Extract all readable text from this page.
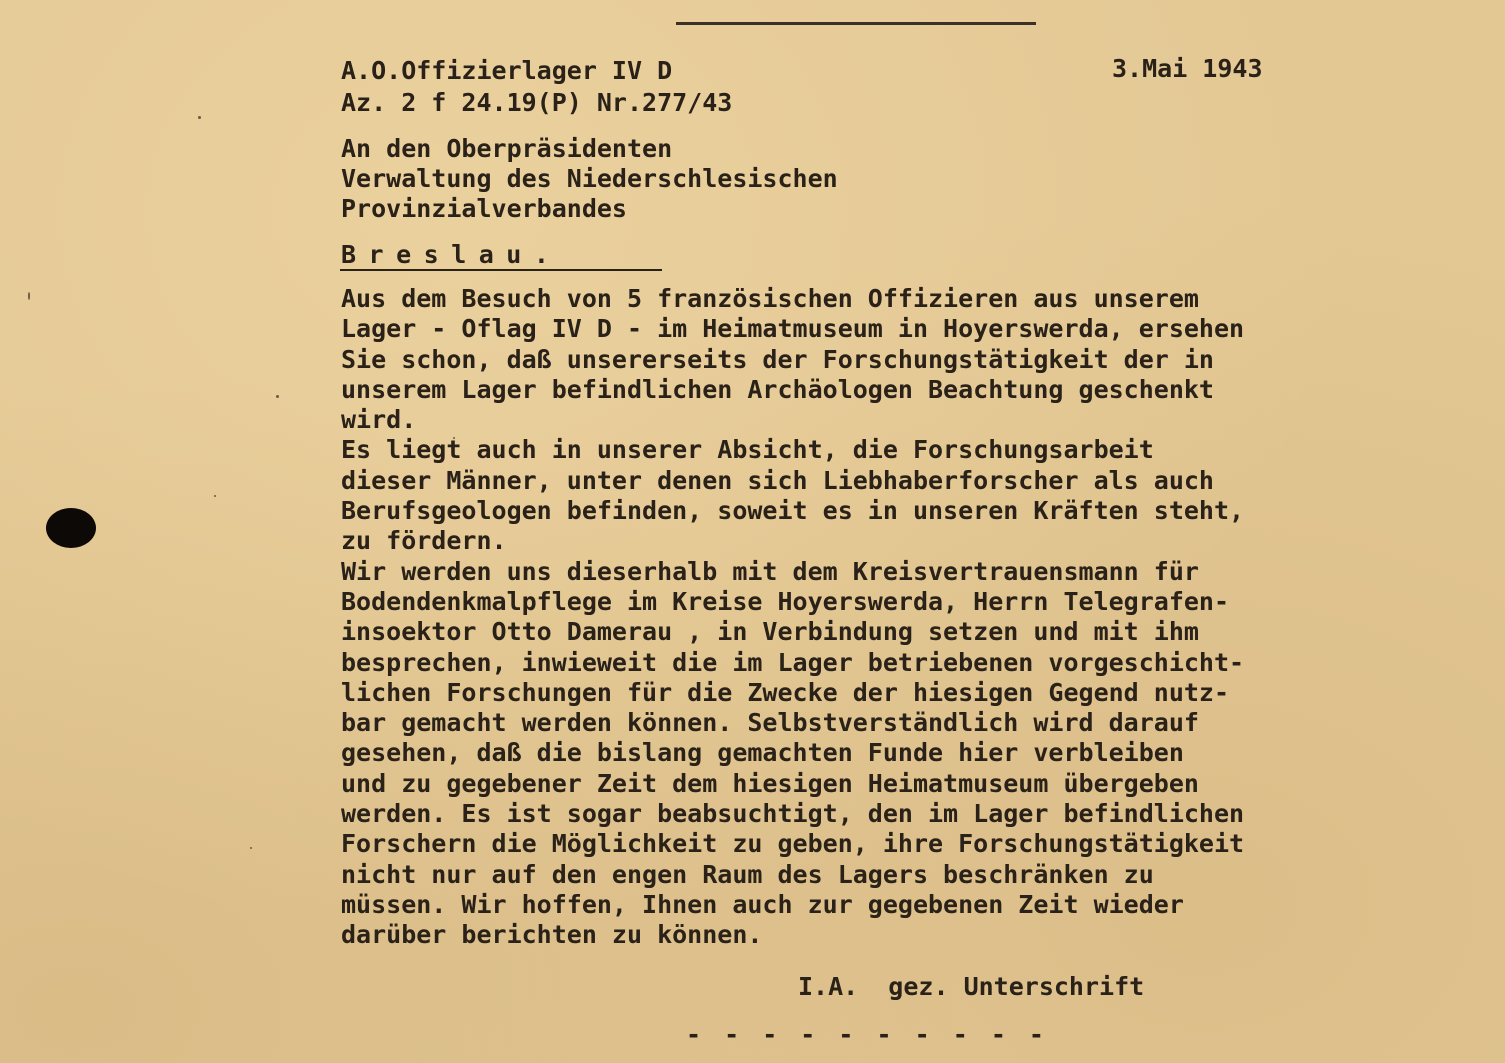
A.O.Offizierlager IV D

Az. 2 f 24.19(P) Nr.277/43

3.Mai 1943

An den Oberpräsidenten

Verwaltung des Niederschlesischen

Provinzialverbandes

Breslau.

Aus dem Besuch von 5 französischen Offizieren aus unserem
Lager - Oflag IV D - im Heimatmuseum in Hoyerswerda, ersehen
Sie schon, daß unsererseits der Forschungstätigkeit der in
unserem Lager befindlichen Archäologen Beachtung geschenkt
wird.
Es liegt auch in unserer Absicht, die Forschungsarbeit
dieser Männer, unter denen sich Liebhaberforscher als auch
Berufsgeologen befinden, soweit es in unseren Kräften steht,
zu fördern.
Wir werden uns dieserhalb mit dem Kreisvertrauensmann für
Bodendenkmalpflege im Kreise Hoyerswerda, Herrn Telegrafen-
insoektor Otto Damerau , in Verbindung setzen und mit ihm
besprechen, inwieweit die im Lager betriebenen vorgeschicht-
lichen Forschungen für die Zwecke der hiesigen Gegend nutz-
bar gemacht werden können. Selbstverständlich wird darauf
gesehen, daß die bislang gemachten Funde hier verbleiben
und zu gegebener Zeit dem hiesigen Heimatmuseum übergeben
werden. Es ist sogar beabsuchtigt, den im Lager befindlichen
Forschern die Möglichkeit zu geben, ihre Forschungstätigkeit
nicht nur auf den engen Raum des Lagers beschränken zu
müssen. Wir hoffen, Ihnen auch zur gegebenen Zeit wieder
darüber berichten zu können.

I.A.  gez. Unterschrift

- - - - - - - - - -
